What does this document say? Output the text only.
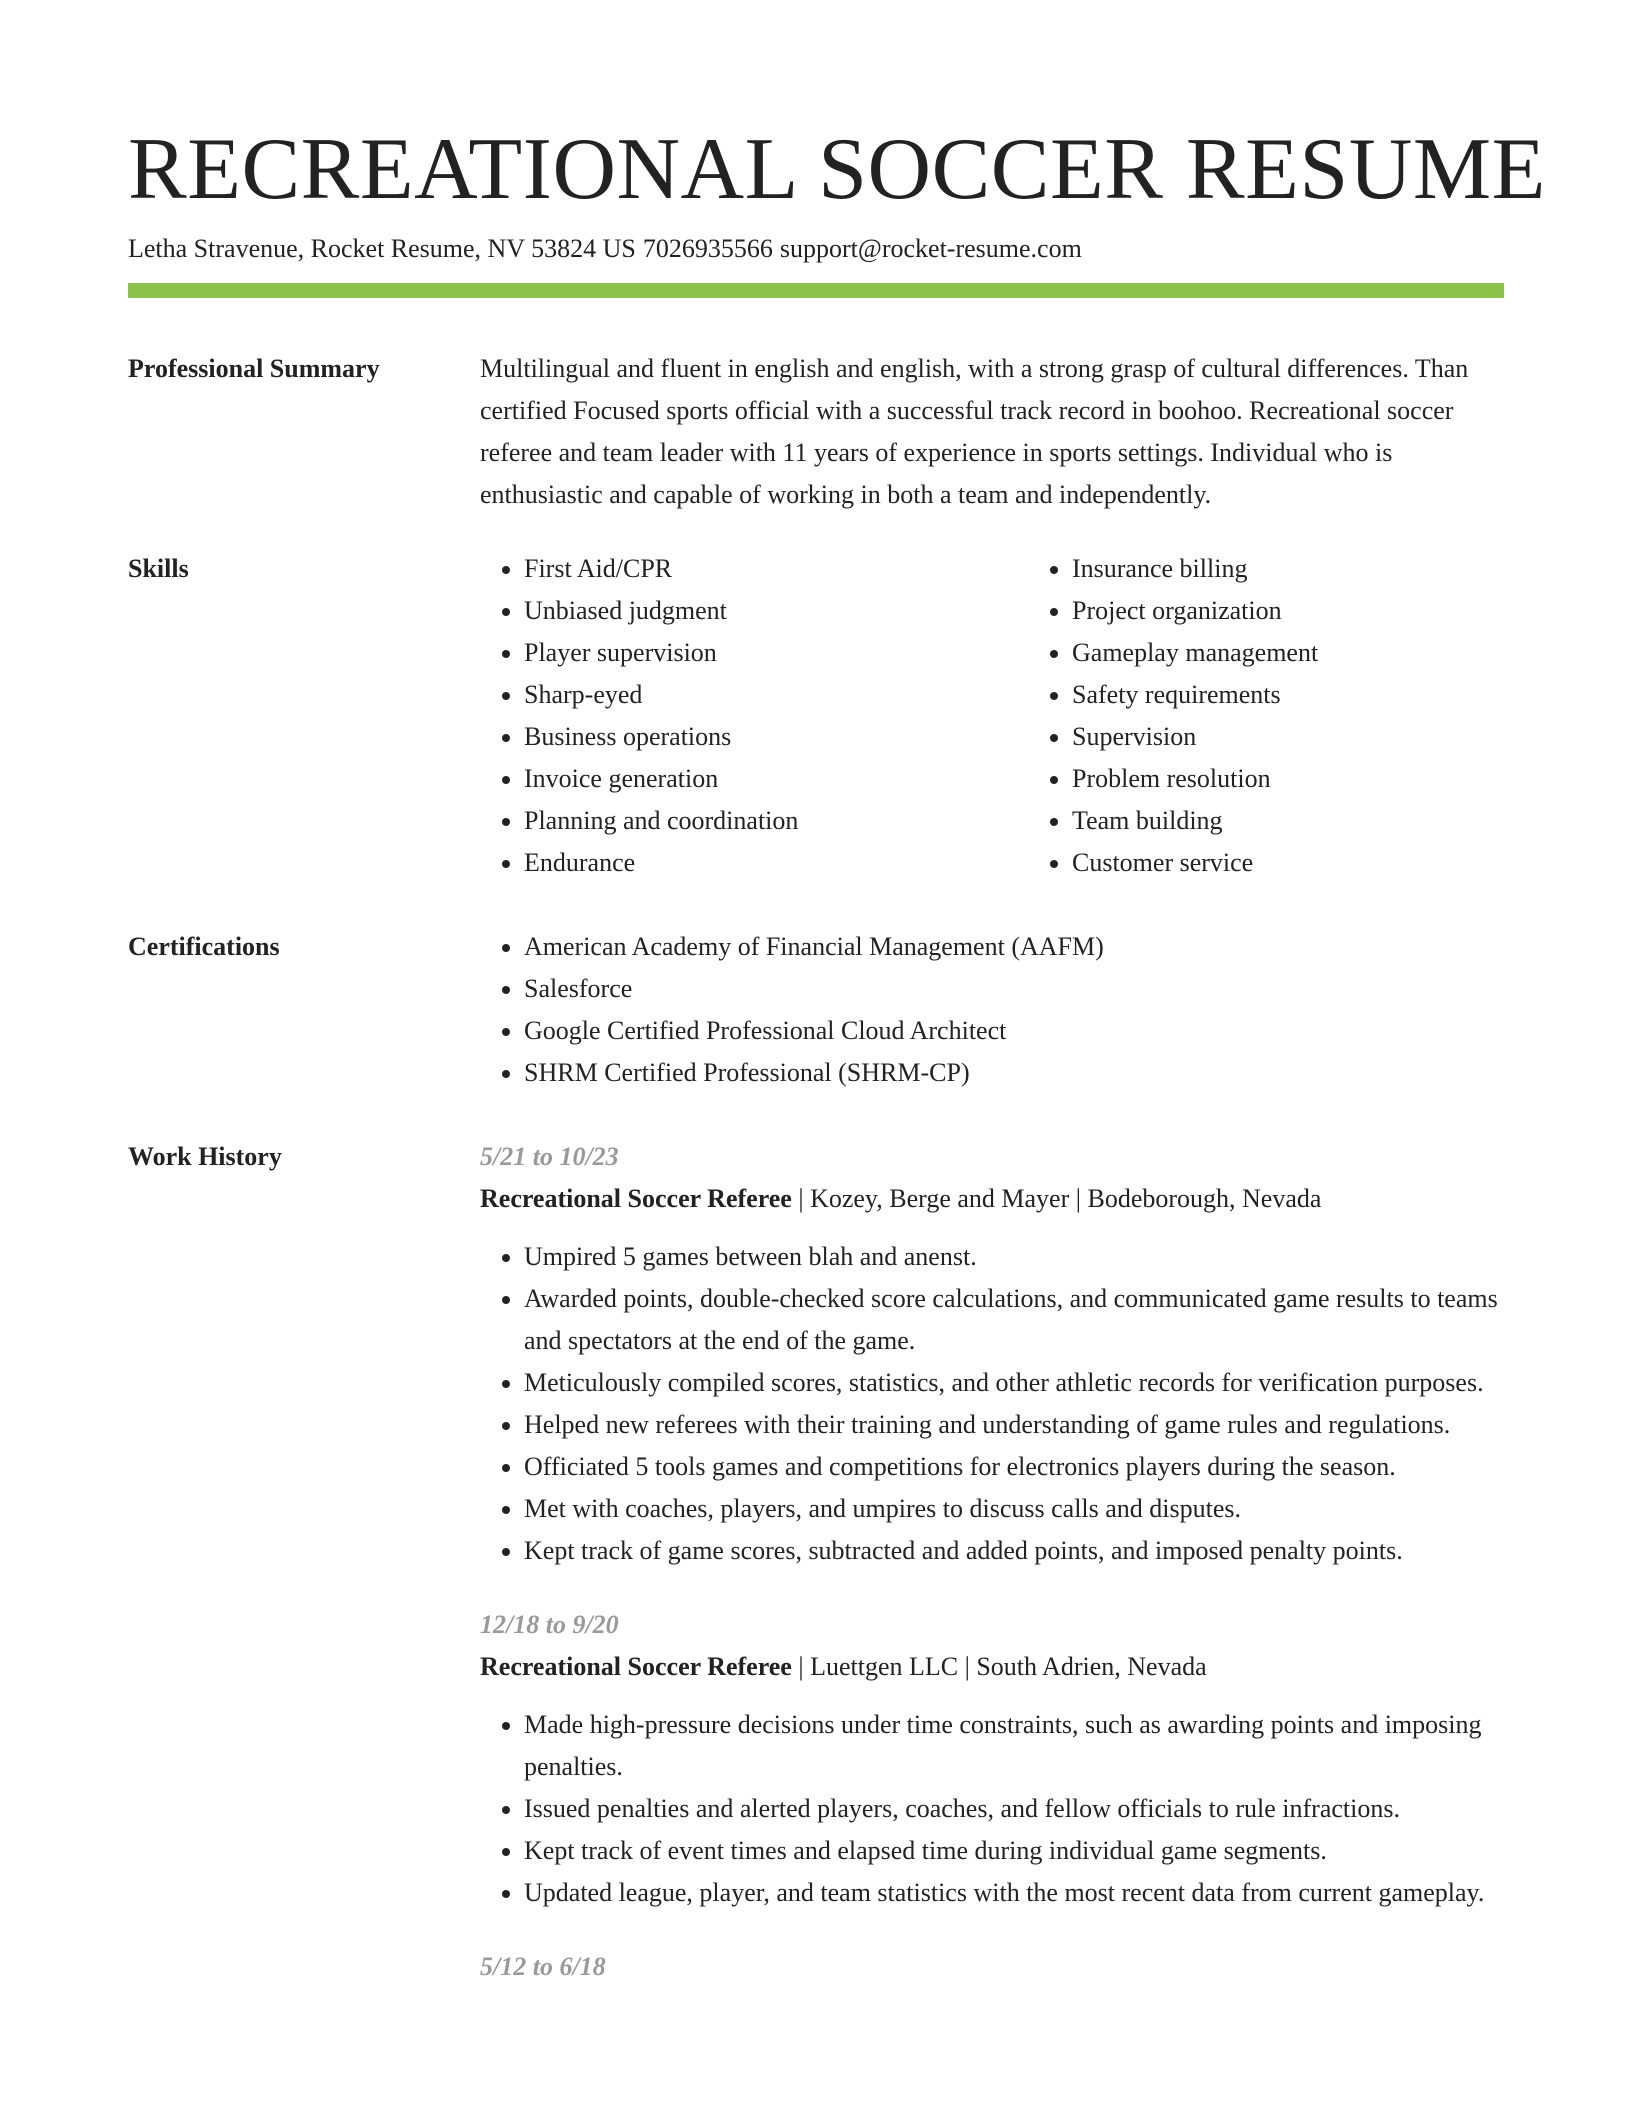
RECREATIONAL SOCCER RESUME
Letha Stravenue, Rocket Resume, NV 53824 US 7026935566 support@rocket-resume.com
Professional Summary	Multilingual and fluent in english and english, with a strong grasp of cultural differences. Than certified Focused sports official with a successful track record in boohoo. Recreational soccer referee and team leader with 11 years of experience in sports settings. Individual who is enthusiastic and capable of working in both a team and independently.

Skills	• First Aid/CPR
• Unbiased judgment
• Player supervision
• Sharp-eyed
• Business operations
• Invoice generation
• Planning and coordination
• Endurance
• Insurance billing
• Project organization
• Gameplay management
• Safety requirements
• Supervision
• Problem resolution
• Team building
• Customer service
Certifications	• American Academy of Financial Management (AAFM)
• Salesforce
• Google Certified Professional Cloud Architect
• SHRM Certified Professional (SHRM-CP)
Work History	5/21 to 10/23
Recreational Soccer Referee | Kozey, Berge and Mayer | Bodeborough, Nevada
• Umpired 5 games between blah and anenst.
• Awarded points, double-checked score calculations, and communicated game results to teams and spectators at the end of the game.
• Meticulously compiled scores, statistics, and other athletic records for verification purposes.
• Helped new referees with their training and understanding of game rules and regulations.
• Officiated 5 tools games and competitions for electronics players during the season.
• Met with coaches, players, and umpires to discuss calls and disputes.
• Kept track of game scores, subtracted and added points, and imposed penalty points.
12/18 to 9/20
Recreational Soccer Referee | Luettgen LLC | South Adrien, Nevada
• Made high-pressure decisions under time constraints, such as awarding points and imposing penalties.
• Issued penalties and alerted players, coaches, and fellow officials to rule infractions.
• Kept track of event times and elapsed time during individual game segments.
• Updated league, player, and team statistics with the most recent data from current gameplay.
5/12 to 6/18
